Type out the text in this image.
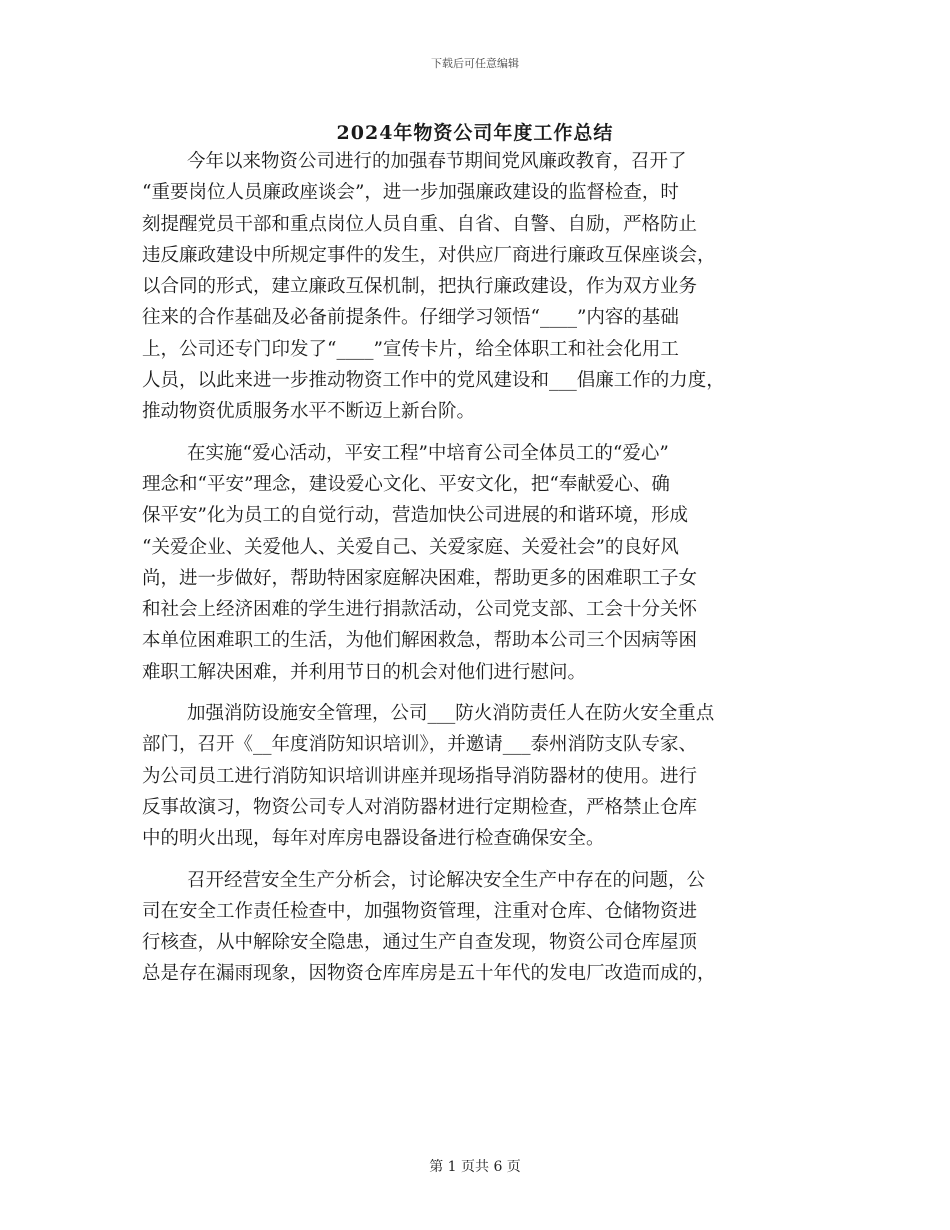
下载后可任意编辑
2024年物资公司年度工作总结
今年以来物资公司进行的加强春节期间党风廉政教育，召开了
“重要岗位人员廉政座谈会”，进一步加强廉政建设的监督检查，时
刻提醒党员干部和重点岗位人员自重、自省、自警、自励，严格防止
违反廉政建设中所规定事件的发生，对供应厂商进行廉政互保座谈会，
以合同的形式，建立廉政互保机制，把执行廉政建设，作为双方业务
往来的合作基础及必备前提条件。仔细学习领悟“____”内容的基础
上，公司还专门印发了“____”宣传卡片，给全体职工和社会化用工
人员，以此来进一步推动物资工作中的党风建设和___倡廉工作的力度，
推动物资优质服务水平不断迈上新台阶。
在实施“爱心活动，平安工程”中培育公司全体员工的“爱心”
理念和“平安”理念，建设爱心文化、平安文化，把“奉献爱心、确
保平安”化为员工的自觉行动，营造加快公司进展的和谐环境，形成
“关爱企业、关爱他人、关爱自己、关爱家庭、关爱社会”的良好风
尚，进一步做好，帮助特困家庭解决困难，帮助更多的困难职工子女
和社会上经济困难的学生进行捐款活动，公司党支部、工会十分关怀
本单位困难职工的生活，为他们解困救急，帮助本公司三个因病等困
难职工解决困难，并利用节日的机会对他们进行慰问。
加强消防设施安全管理，公司___防火消防责任人在防火安全重点
部门，召开《__年度消防知识培训》，并邀请___泰州消防支队专家、
为公司员工进行消防知识培训讲座并现场指导消防器材的使用。进行
反事故演习，物资公司专人对消防器材进行定期检查，严格禁止仓库
中的明火出现，每年对库房电器设备进行检查确保安全。
召开经营安全生产分析会，讨论解决安全生产中存在的问题，公
司在安全工作责任检查中，加强物资管理，注重对仓库、仓储物资进
行核查，从中解除安全隐患，通过生产自查发现，物资公司仓库屋顶
总是存在漏雨现象，因物资仓库库房是五十年代的发电厂改造而成的，
第 1 页共 6 页
